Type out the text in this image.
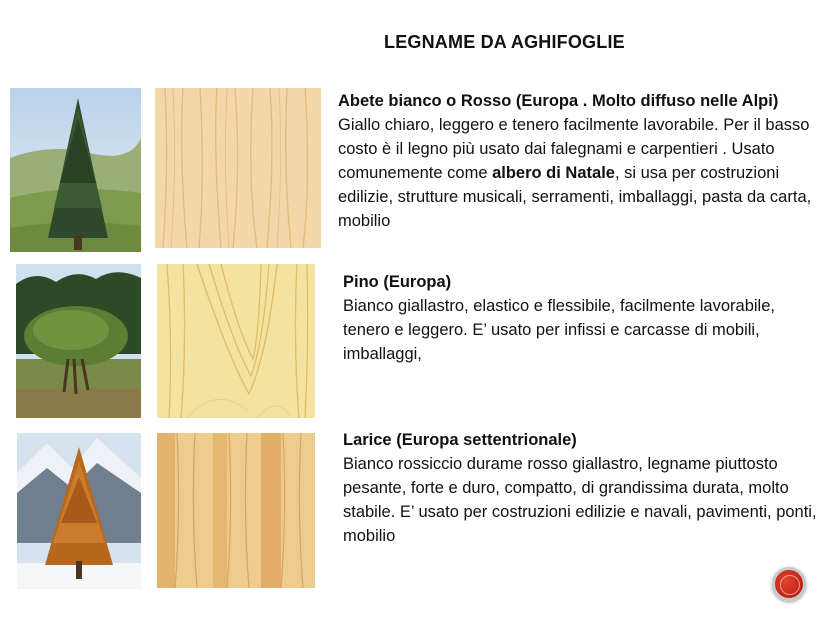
LEGNAME DA AGHIFOGLIE
Abete bianco o Rosso (Europa . Molto diffuso nelle Alpi)
Giallo chiaro, leggero e tenero facilmente lavorabile. Per il basso costo è il legno più usato dai falegnami e carpentieri . Usato comunemente come albero di Natale, si usa per costruzioni edilizie, strutture musicali, serramenti, imballaggi, pasta da carta, mobilio
Pino (Europa)
Bianco giallastro, elastico e flessibile, facilmente lavorabile, tenero e leggero. E’ usato per infissi e carcasse di mobili, imballaggi,
Larice (Europa settentrionale)
Bianco rossiccio durame rosso giallastro, legname piuttosto pesante, forte e duro, compatto, di grandissima durata, molto stabile. E’ usato per costruzioni edilizie e navali, pavimenti, ponti, mobilio
